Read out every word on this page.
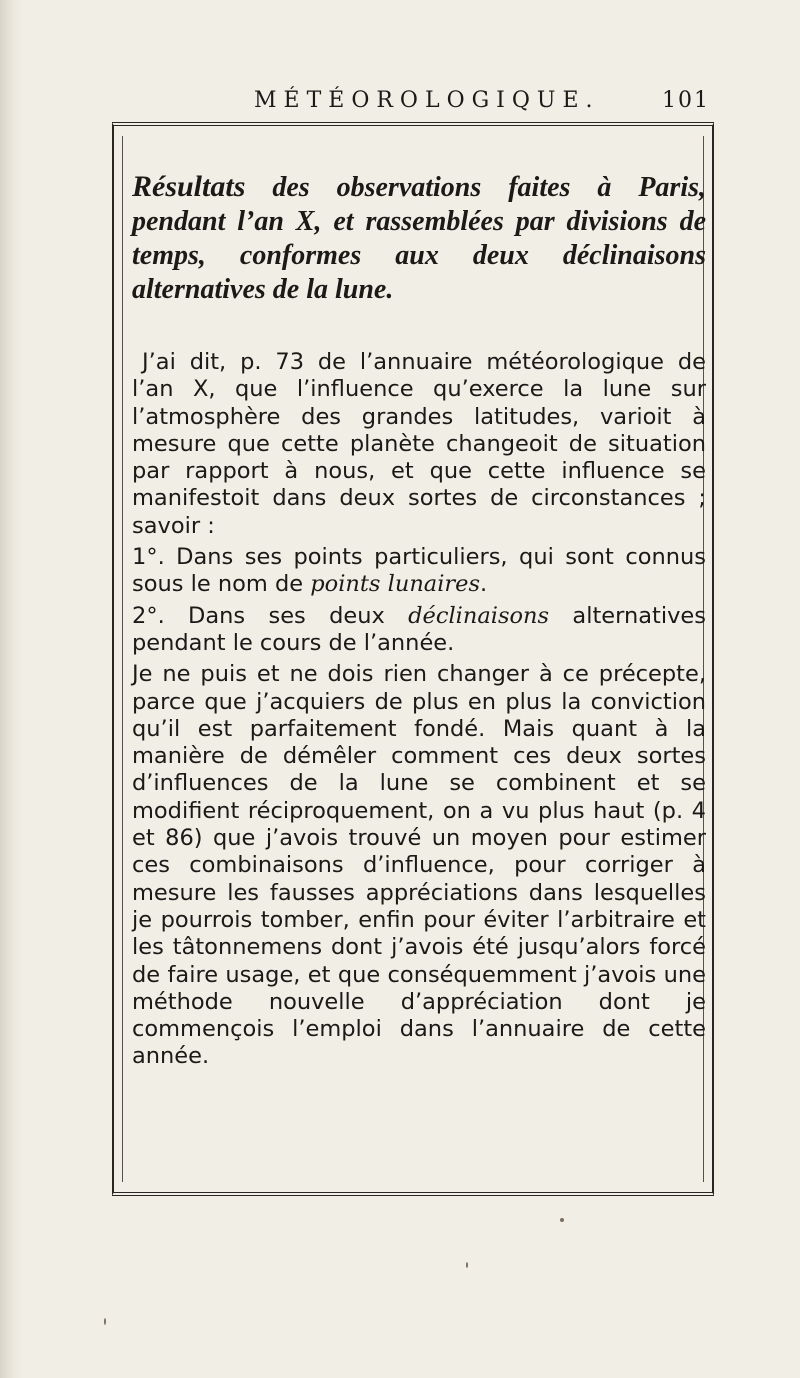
MÉTÉOROLOGIQUE.	101
Résultats des observations faites à Paris, pendant l’an X, et rassemblées par divisions de temps, conformes aux deux déclinaisons alternatives de la lune.

J’ai dit, p. 73 de l’annuaire météorologique de l’an X, que l’influence qu’exerce la lune sur l’atmosphère des grandes latitudes, varioit à mesure que cette planète changeoit de situation par rapport à nous, et que cette influence se manifestoit dans deux sortes de circonstances ; savoir :

1°. Dans ses points particuliers, qui sont connus sous le nom de points lunaires.

2°. Dans ses deux déclinaisons alternatives pendant le cours de l’année.

Je ne puis et ne dois rien changer à ce précepte, parce que j’acquiers de plus en plus la conviction qu’il est parfaitement fondé. Mais quant à la manière de démêler comment ces deux sortes d’influences de la lune se combinent et se modifient réciproquement, on a vu plus haut (p. 4 et 86) que j’avois trouvé un moyen pour estimer ces combinaisons d’influence, pour corriger à mesure les fausses appréciations dans lesquelles je pourrois tomber, enfin pour éviter l’arbitraire et les tâtonnemens dont j’avois été jusqu’alors forcé de faire usage, et que conséquemment j’avois une méthode nouvelle d’appréciation dont je commençois l’emploi dans l’annuaire de cette année.
